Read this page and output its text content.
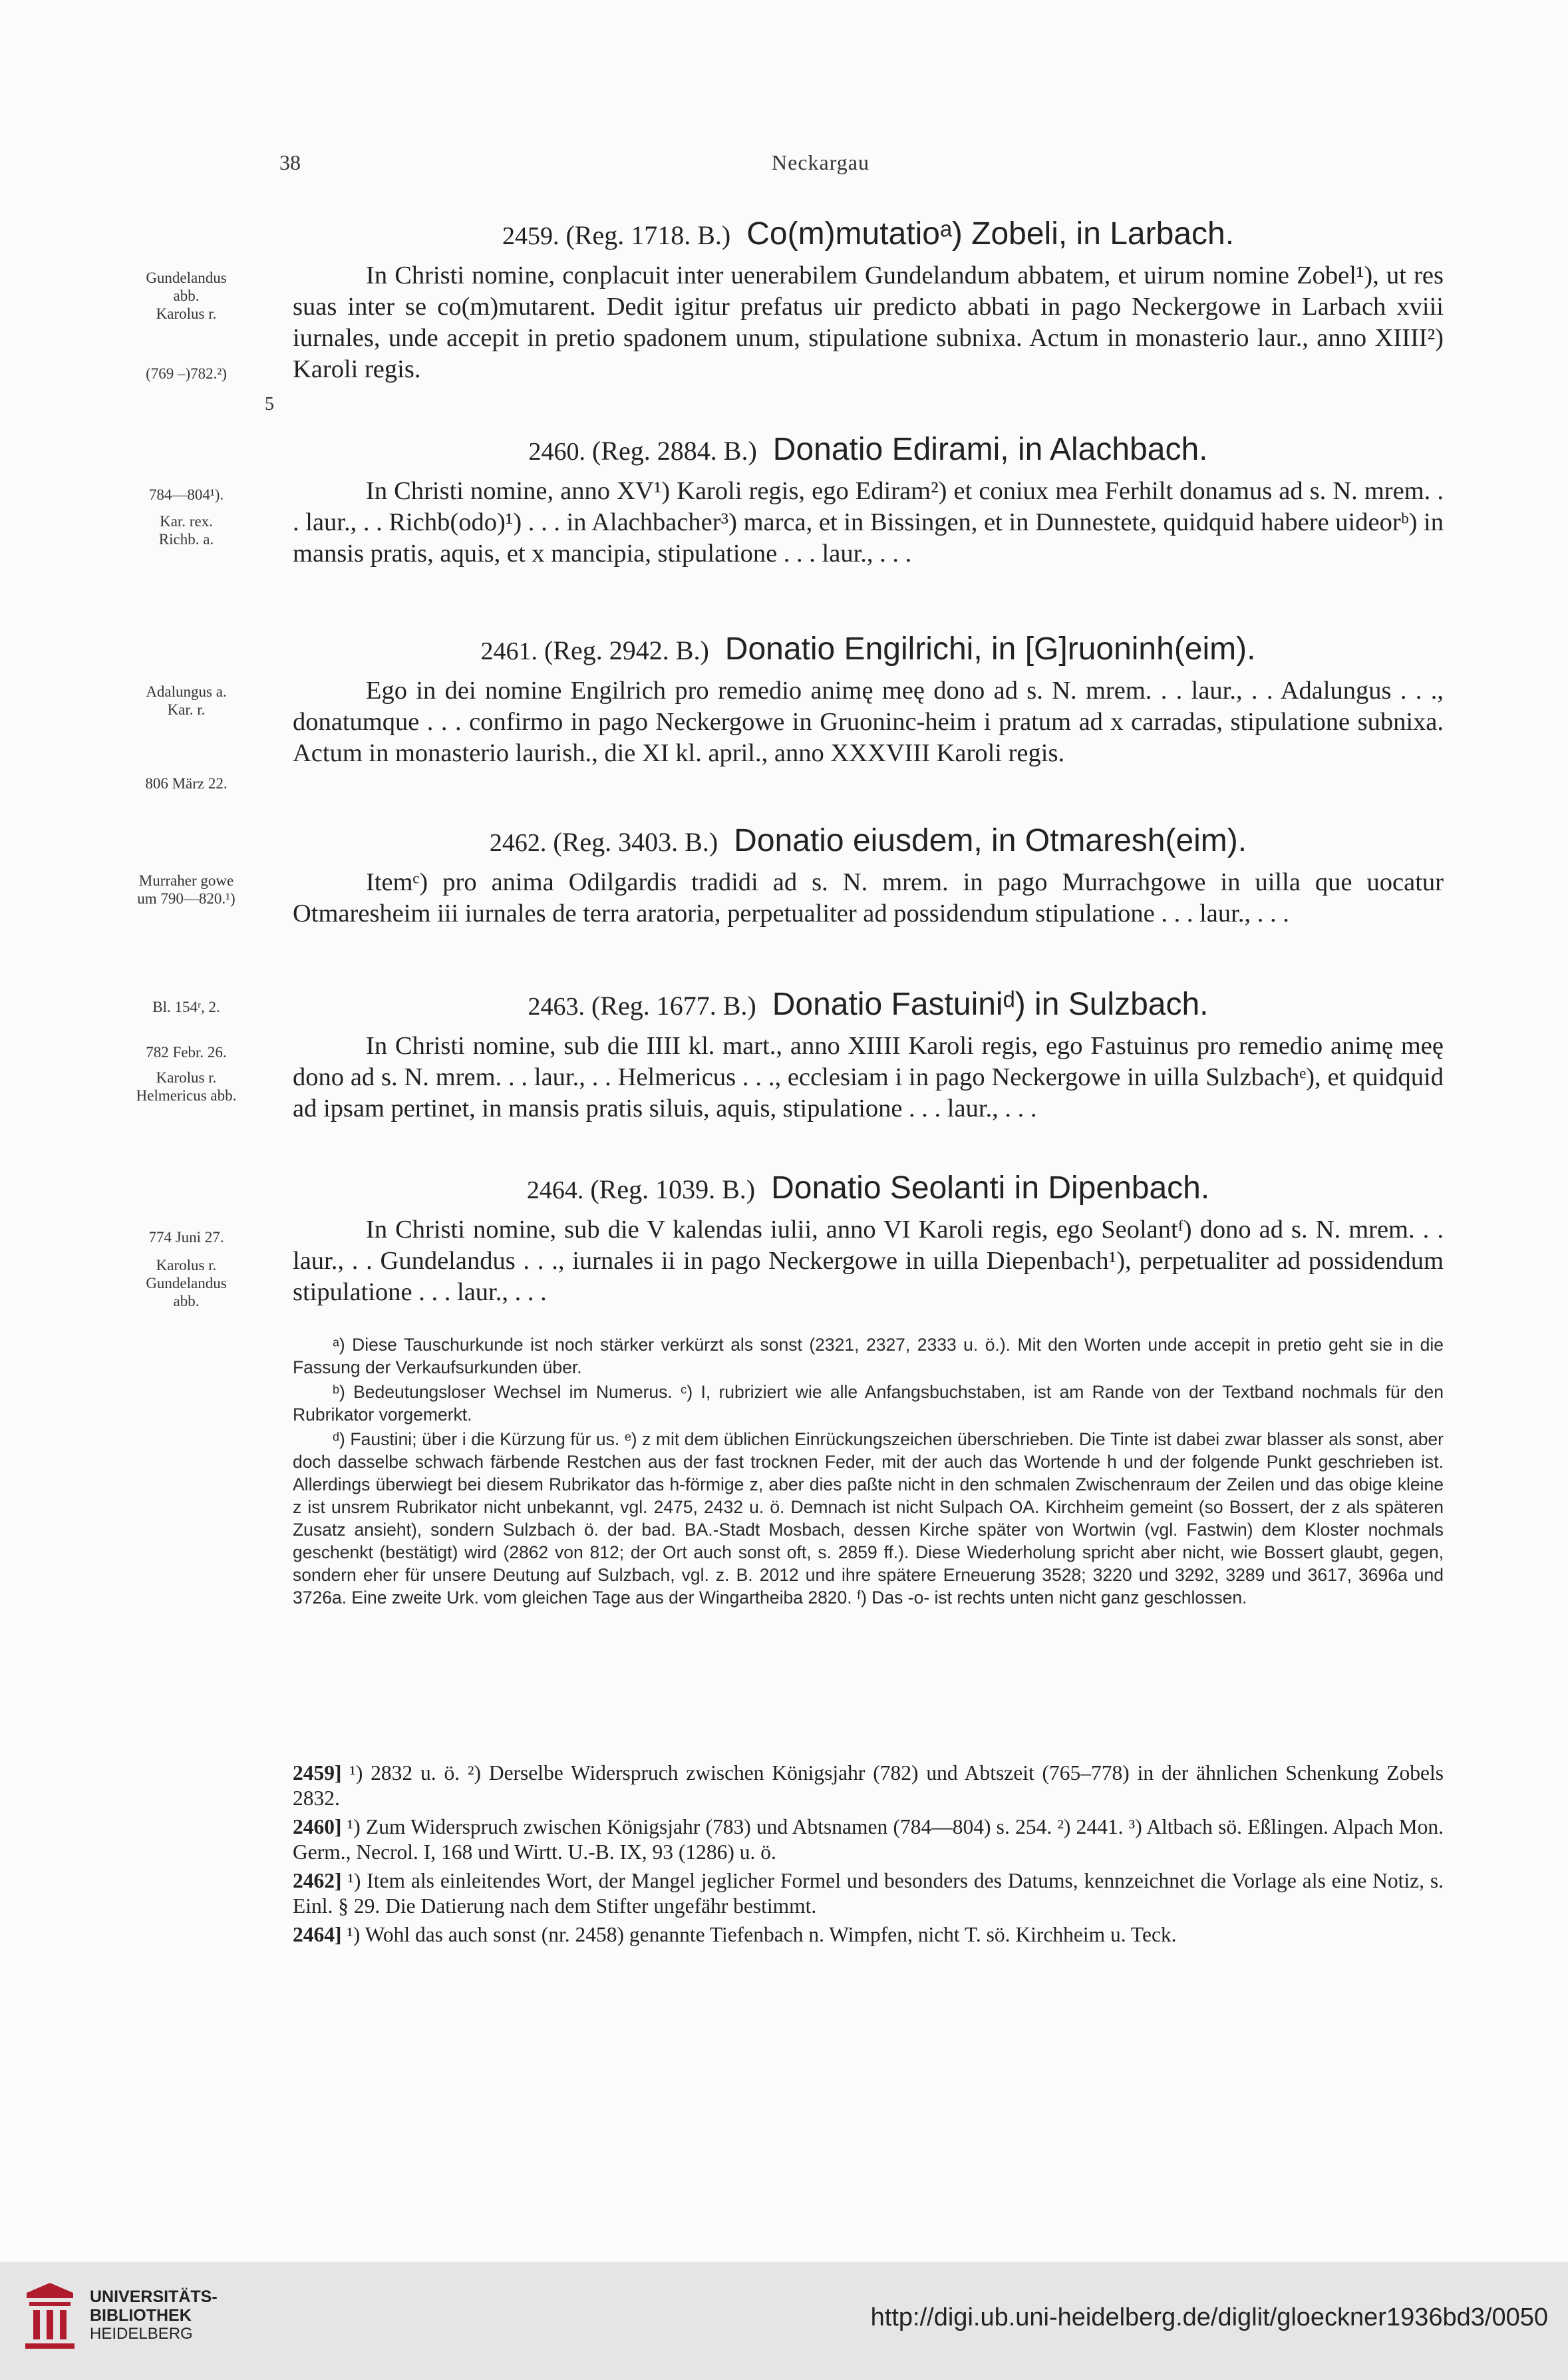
38	Neckargau
Gundelandus
abb.
Karolus r.
(769 –)782.²)
5
784—804¹).
Kar. rex.
Richb. a.
Adalungus a.
Kar. r.
806 März 22.
Murraher gowe
um 790—820.¹)
Bl. 154ʳ, 2.
782 Febr. 26.
Karolus r.
Helmericus abb.
774 Juni 27.
Karolus r.
Gundelandus
abb.
2459. (Reg. 1718. B.) Co(m)mutatioᵃ) Zobeli, in Larbach.

In Christi nomine, conplacuit inter uenerabilem Gundelandum abbatem, et uirum nomine Zobel¹), ut res suas inter se co(m)mutarent. Dedit igitur prefatus uir predicto abbati in pago Neckergowe in Larbach xviii iurnales, unde accepit in pretio spadonem unum, stipulatione subnixa. Actum in monasterio laur., anno XIIII²) Karoli regis.

2460. (Reg. 2884. B.) Donatio Edirami, in Alachbach.

In Christi nomine, anno XV¹) Karoli regis, ego Ediram²) et coniux mea Ferhilt donamus ad s. N. mrem. . . laur., . . Richb(odo)¹) . . . in Alachbacher³) marca, et in Bissingen, et in Dunnestete, quidquid habere uideorᵇ) in mansis pratis, aquis, et x mancipia, stipulatione . . . laur., . . .

2461. (Reg. 2942. B.) Donatio Engilrichi, in [G]ruoninh(eim).

Ego in dei nomine Engilrich pro remedio animę meę dono ad s. N. mrem. . . laur., . . Adalungus . . ., donatumque . . . confirmo in pago Neckergowe in Gruoninc-heim i pratum ad x carradas, stipulatione subnixa. Actum in monasterio laurish., die XI kl. april., anno XXXVIII Karoli regis.

2462. (Reg. 3403. B.) Donatio eiusdem, in Otmaresh(eim).

Itemᶜ) pro anima Odilgardis tradidi ad s. N. mrem. in pago Murrachgowe in uilla que uocatur Otmaresheim iii iurnales de terra aratoria, perpetualiter ad possidendum stipulatione . . . laur., . . .

2463. (Reg. 1677. B.) Donatio Fastuiniᵈ) in Sulzbach.

In Christi nomine, sub die IIII kl. mart., anno XIIII Karoli regis, ego Fastuinus pro remedio animę meę dono ad s. N. mrem. . . laur., . . Helmericus . . ., ecclesiam i in pago Neckergowe in uilla Sulzbachᵉ), et quidquid ad ipsam pertinet, in mansis pratis siluis, aquis, stipulatione . . . laur., . . .

2464. (Reg. 1039. B.) Donatio Seolanti in Dipenbach.

In Christi nomine, sub die V kalendas iulii, anno VI Karoli regis, ego Seolantᶠ) dono ad s. N. mrem. . . laur., . . Gundelandus . . ., iurnales ii in pago Neckergowe in uilla Diepenbach¹), perpetualiter ad possidendum stipulatione . . . laur., . . .

ᵃ) Diese Tauschurkunde ist noch stärker verkürzt als sonst (2321, 2327, 2333 u. ö.). Mit den Worten unde accepit in pretio geht sie in die Fassung der Verkaufsurkunden über.

ᵇ) Bedeutungsloser Wechsel im Numerus. ᶜ) I, rubriziert wie alle Anfangsbuchstaben, ist am Rande von der Textband nochmals für den Rubrikator vorgemerkt.

ᵈ) Faustini; über i die Kürzung für us. ᵉ) z mit dem üblichen Einrückungszeichen überschrieben. Die Tinte ist dabei zwar blasser als sonst, aber doch dasselbe schwach färbende Restchen aus der fast trocknen Feder, mit der auch das Wortende h und der folgende Punkt geschrieben ist. Allerdings überwiegt bei diesem Rubrikator das h-förmige z, aber dies paßte nicht in den schmalen Zwischenraum der Zeilen und das obige kleine z ist unsrem Rubrikator nicht unbekannt, vgl. 2475, 2432 u. ö. Demnach ist nicht Sulpach OA. Kirchheim gemeint (so Bossert, der z als späteren Zusatz ansieht), sondern Sulzbach ö. der bad. BA.-Stadt Mosbach, dessen Kirche später von Wortwin (vgl. Fastwin) dem Kloster nochmals geschenkt (bestätigt) wird (2862 von 812; der Ort auch sonst oft, s. 2859 ff.). Diese Wiederholung spricht aber nicht, wie Bossert glaubt, gegen, sondern eher für unsere Deutung auf Sulzbach, vgl. z. B. 2012 und ihre spätere Erneuerung 3528; 3220 und 3292, 3289 und 3617, 3696a und 3726a. Eine zweite Urk. vom gleichen Tage aus der Wingartheiba 2820. ᶠ) Das -o- ist rechts unten nicht ganz geschlossen.

2459] ¹) 2832 u. ö. ²) Derselbe Widerspruch zwischen Königsjahr (782) und Abtszeit (765–778) in der ähnlichen Schenkung Zobels 2832.

2460] ¹) Zum Widerspruch zwischen Königsjahr (783) und Abtsnamen (784—804) s. 254. ²) 2441. ³) Altbach sö. Eßlingen. Alpach Mon. Germ., Necrol. I, 168 und Wirtt. U.-B. IX, 93 (1286) u. ö.

2462] ¹) Item als einleitendes Wort, der Mangel jeglicher Formel und besonders des Datums, kennzeichnet die Vorlage als eine Notiz, s. Einl. § 29. Die Datierung nach dem Stifter ungefähr bestimmt.

2464] ¹) Wohl das auch sonst (nr. 2458) genannte Tiefenbach n. Wimpfen, nicht T. sö. Kirchheim u. Teck.

UNIVERSITÄTS-
BIBLIOTHEK
HEIDELBERG
http://digi.ub.uni-heidelberg.de/diglit/gloeckner1936bd3/0050
